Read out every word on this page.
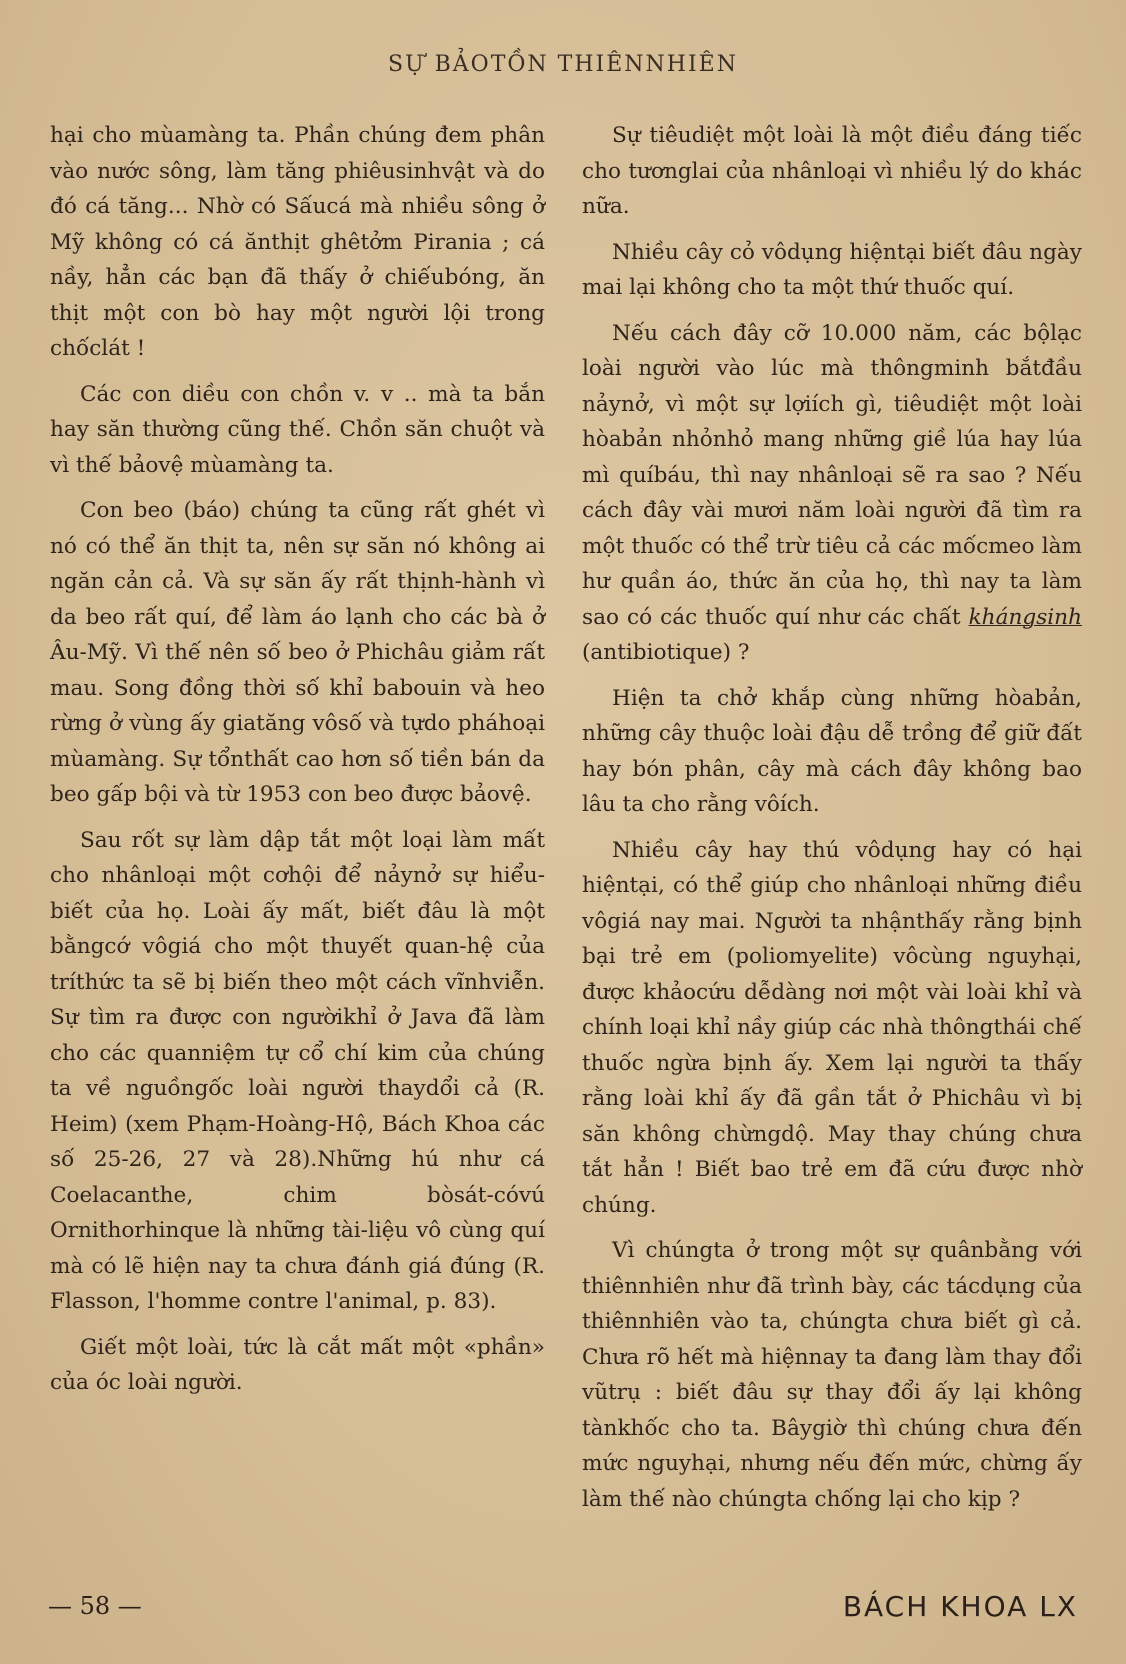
SỰ BẢOTỒN THIÊNNHIÊN

hại cho mùamàng ta. Phần chúng đem phân vào nước sông, làm tăng phiêusinhvật và do đó cá tăng... Nhờ có Sấucá mà nhiều sông ở Mỹ không có cá ănthịt ghêtởm Pirania ; cá nầy, hẳn các bạn đã thấy ở chiếubóng, ăn thịt một con bò hay một người lội trong chốclát !

Các con diều con chồn v. v .. mà ta bắn hay săn thường cũng thế. Chồn săn chuột và vì thế bảovệ mùamàng ta.

Con beo (báo) chúng ta cũng rất ghét vì nó có thể ăn thịt ta, nên sự săn nó không ai ngăn cản cả. Và sự săn ấy rất thịnh-hành vì da beo rất quí, để làm áo lạnh cho các bà ở Âu-Mỹ. Vì thế nên số beo ở Phichâu giảm rất mau. Song đồng thời số khỉ babouin và heo rừng ở vùng ấy giatăng vôsố và tựdo pháhoại mùamàng. Sự tổnthất cao hơn số tiền bán da beo gấp bội và từ 1953 con beo được bảovệ.

Sau rốt sự làm dập tắt một loại làm mất cho nhânloại một cơhội để nảynở sự hiểu-biết của họ. Loài ấy mất, biết đâu là một bằngcớ vôgiá cho một thuyết quan-hệ của tríthức ta sẽ bị biến theo một cách vĩnhviễn. Sự tìm ra được con ngườikhỉ ở Java đã làm cho các quanniệm tự cổ chí kim của chúng ta về nguồngốc loài người thaydổi cả (R. Heim) (xem Phạm-Hoàng-Hộ, Bách Khoa các số 25-26, 27 và 28).Những hú như cá Coelacanthe, chim bòsát-cóvú Ornithorhinque là những tài-liệu vô cùng quí mà có lẽ hiện nay ta chưa đánh giá đúng (R. Flasson, l'homme contre l'animal, p. 83).

Giết một loài, tức là cắt mất một «phần» của óc loài người.

Sự tiêudiệt một loài là một điều đáng tiếc cho tươnglai của nhânloại vì nhiều lý do khác nữa.

Nhiều cây cỏ vôdụng hiệntại biết đâu ngày mai lại không cho ta một thứ thuốc quí.

Nếu cách đây cỡ 10.000 năm, các bộlạc loài người vào lúc mà thôngminh bắtđầu nảynở, vì một sự lợiích gì, tiêudiệt một loài hòabản nhỏnhỏ mang những giề lúa hay lúa mì quíbáu, thì nay nhânloại sẽ ra sao ? Nếu cách đây vài mươi năm loài người đã tìm ra một thuốc có thể trừ tiêu cả các mốcmeo làm hư quần áo, thức ăn của họ, thì nay ta làm sao có các thuốc quí như các chất khángsinh (antibiotique) ?

Hiện ta chở khắp cùng những hòabản, những cây thuộc loài đậu dễ trồng để giữ đất hay bón phân, cây mà cách đây không bao lâu ta cho rằng vôích.

Nhiều cây hay thú vôdụng hay có hại hiệntại, có thể giúp cho nhânloại những điều vôgiá nay mai. Người ta nhậnthấy rằng bịnh bại trẻ em (poliomyelite) vôcùng nguyhại, được khảocứu dễdàng nơi một vài loài khỉ và chính loại khỉ nầy giúp các nhà thôngthái chế thuốc ngừa bịnh ấy. Xem lại người ta thấy rằng loài khỉ ấy đã gần tắt ở Phichâu vì bị săn không chừngdộ. May thay chúng chưa tắt hẳn ! Biết bao trẻ em đã cứu được nhờ chúng.

Vì chúngta ở trong một sự quânbằng với thiênnhiên như đã trình bày, các tácdụng của thiênnhiên vào ta, chúngta chưa biết gì cả. Chưa rõ hết mà hiệnnay ta đang làm thay đổi vũtrụ : biết đâu sự thay đổi ấy lại không tànkhốc cho ta. Bâygiờ thì chúng chưa đến mức nguyhại, nhưng nếu đến mức, chừng ấy làm thế nào chúngta chống lại cho kịp ?

— 58 —	BÁCH KHOA LX
